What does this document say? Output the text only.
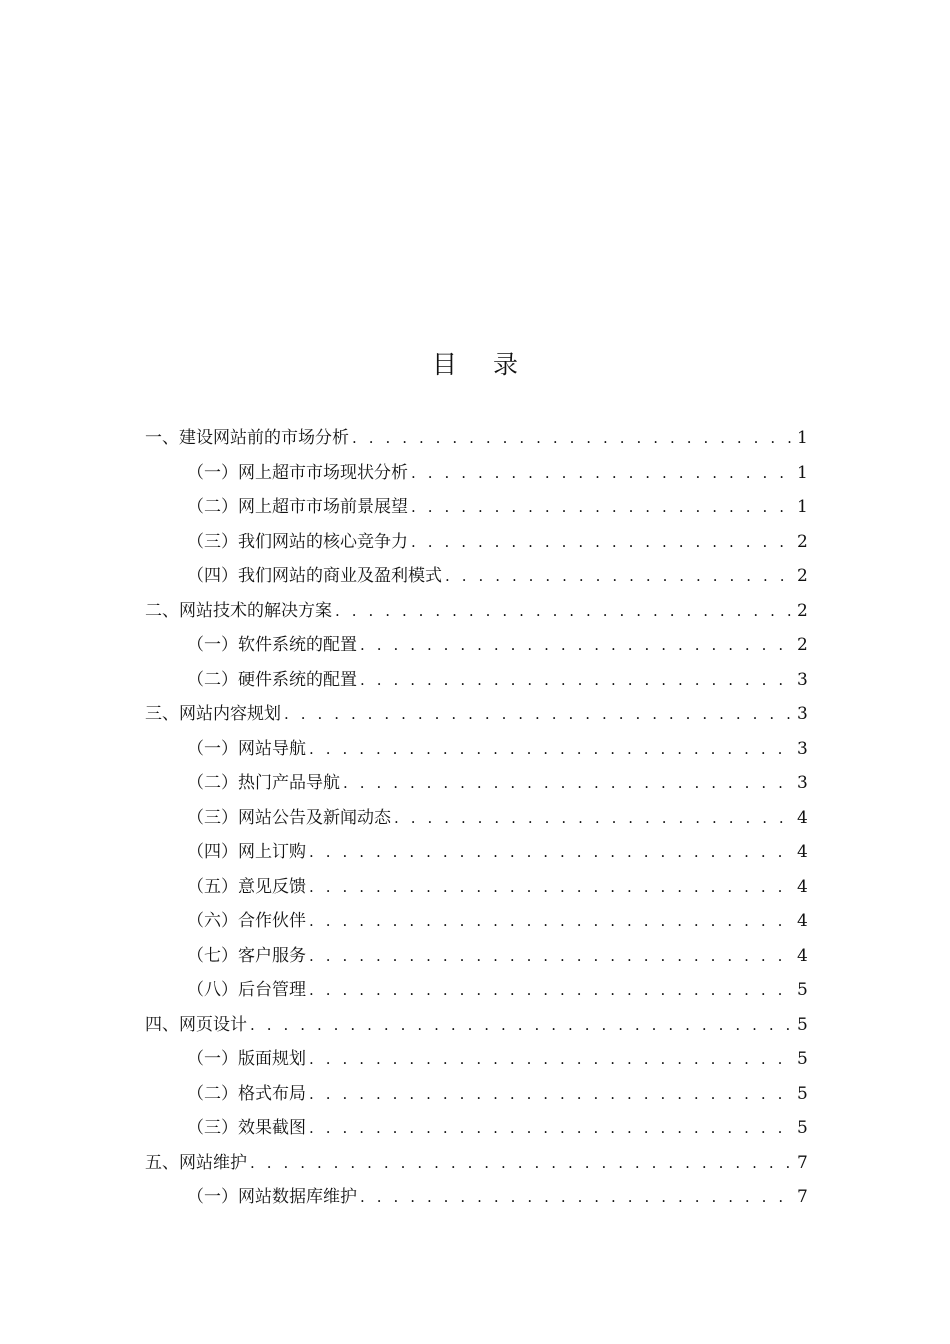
目 录
一、建设网站前的市场分析 . . .	1
（一）网上超市市场现状分析 . . .	1
（二）网上超市市场前景展望 . . .	1
（三）我们网站的核心竞争力 . . .	2
（四）我们网站的商业及盈利模式 . . .	2
二、网站技术的解决方案 . . .	2
（一）软件系统的配置 . . .	2
（二）硬件系统的配置 . . .	3
三、网站内容规划 . . .	3
（一）网站导航 . . .	3
（二）热门产品导航 . . .	3
（三）网站公告及新闻动态 . . .	4
（四）网上订购 . . .	4
（五）意见反馈 . . .	4
（六）合作伙伴 . . .	4
（七）客户服务 . . .	4
（八）后台管理 . . .	5
四、网页设计 . . .	5
（一）版面规划 . . .	5
（二）格式布局 . . .	5
（三）效果截图 . . .	5
五、网站维护 . . .	7
（一）网站数据库维护 . . .	7
